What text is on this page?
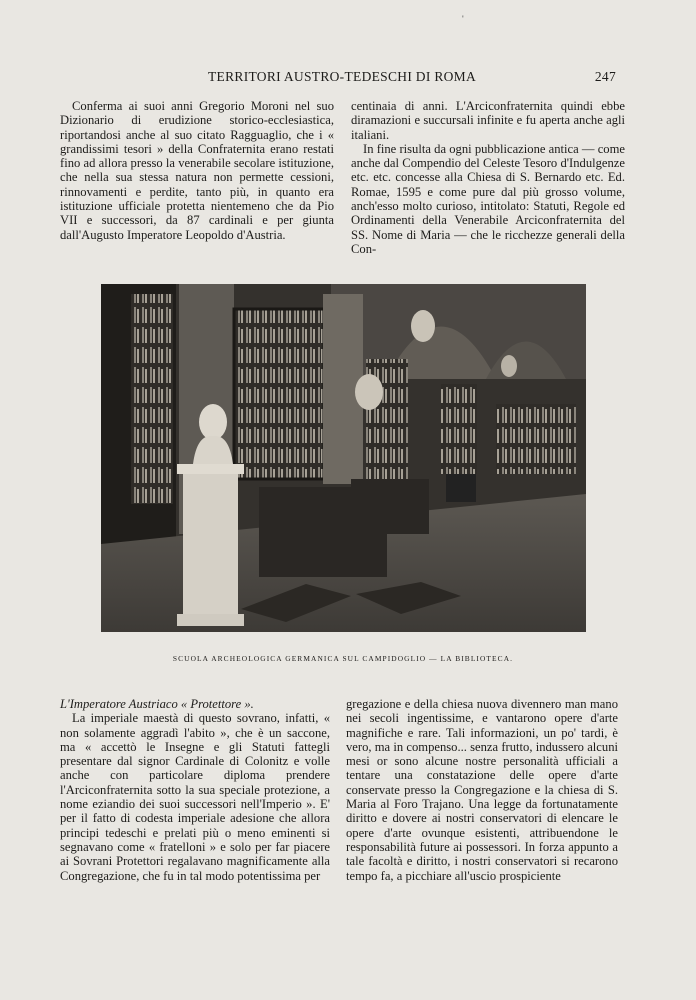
'
TERRITORI AUSTRO-TEDESCHI DI ROMA	247

Conferma ai suoi anni Gregorio Moroni nel suo Dizionario di erudizione storico-ecclesiastica, riportandosi anche al suo citato Ragguaglio, che i « grandissimi tesori » della Confraternita erano restati fino ad allora presso la venerabile secolare istituzione, che nella sua stessa natura non permette cessioni, rinnovamenti e perdite, tanto più, in quanto era istituzione ufficiale protetta nientemeno che da Pio VII e successori, da 87 cardinali e per giunta dall'Augusto Imperatore Leopoldo d'Austria.

centinaia di anni. L'Arciconfraternita quindi ebbe diramazioni e succursali infinite e fu aperta anche agli italiani.

In fine risulta da ogni pubblicazione antica — come anche dal Compendio del Celeste Tesoro d'Indulgenze etc. etc. concesse alla Chiesa di S. Bernardo etc. Ed. Romae, 1595 e come pure dal più grosso volume, anch'esso molto curioso, intitolato: Statuti, Regole ed Ordinamenti della Venerabile Arciconfraternita del SS. Nome di Maria — che le ricchezze generali della Con-

SCUOLA ARCHEOLOGICA GERMANICA SUL CAMPIDOGLIO — LA BIBLIOTECA.

L'Imperatore Austriaco « Protettore ».

La imperiale maestà di questo sovrano, infatti, « non solamente aggradì l'abito », che è un saccone, ma « accettò le Insegne e gli Statuti fattegli presentare dal signor Cardinale di Colonitz e volle anche con particolare diploma prendere l'Arciconfraternita sotto la sua speciale protezione, a nome eziandio dei suoi successori nell'Imperio ». E' per il fatto di codesta imperiale adesione che allora principi tedeschi e prelati più o meno eminenti si segnavano come « fratelloni » e solo per far piacere ai Sovrani Protettori regalavano magnificamente alla Congregazione, che fu in tal modo potentissima per

gregazione e della chiesa nuova divennero man mano nei secoli ingentissime, e vantarono opere d'arte magnifiche e rare. Tali informazioni, un po' tardi, è vero, ma in compenso... senza frutto, indussero alcuni mesi or sono alcune nostre personalità ufficiali a tentare una constatazione delle opere d'arte conservate presso la Congregazione e la chiesa di S. Maria al Foro Trajano. Una legge da fortunatamente diritto e dovere ai nostri conservatori di elencare le opere d'arte ovunque esistenti, attribuendone le responsabilità future ai possessori. In forza appunto a tale facoltà e diritto, i nostri conservatori si recarono tempo fa, a picchiare all'uscio prospiciente
